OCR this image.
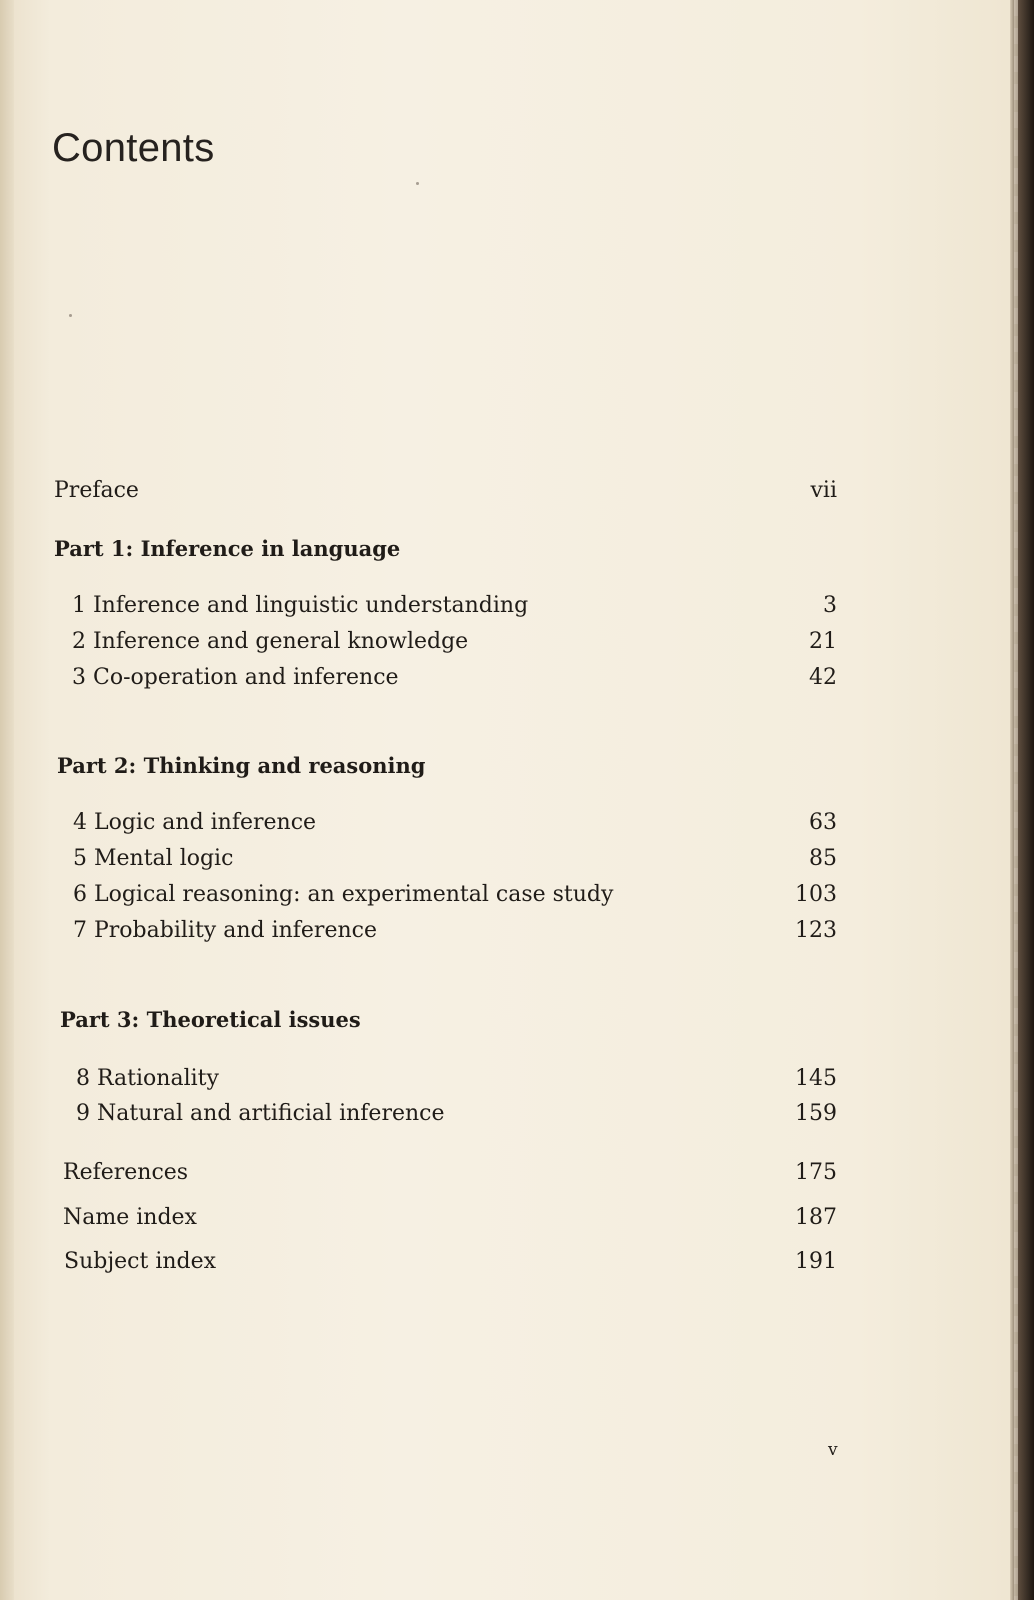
Contents
Preface	vii
Part 1: Inference in language
1 Inference and linguistic understanding	3
2 Inference and general knowledge	21
3 Co-operation and inference	42
Part 2: Thinking and reasoning
4 Logic and inference	63
5 Mental logic	85
6 Logical reasoning: an experimental case study	103
7 Probability and inference	123
Part 3: Theoretical issues
8 Rationality	145
9 Natural and artificial inference	159
References	175
Name index	187
Subject index	191
v
